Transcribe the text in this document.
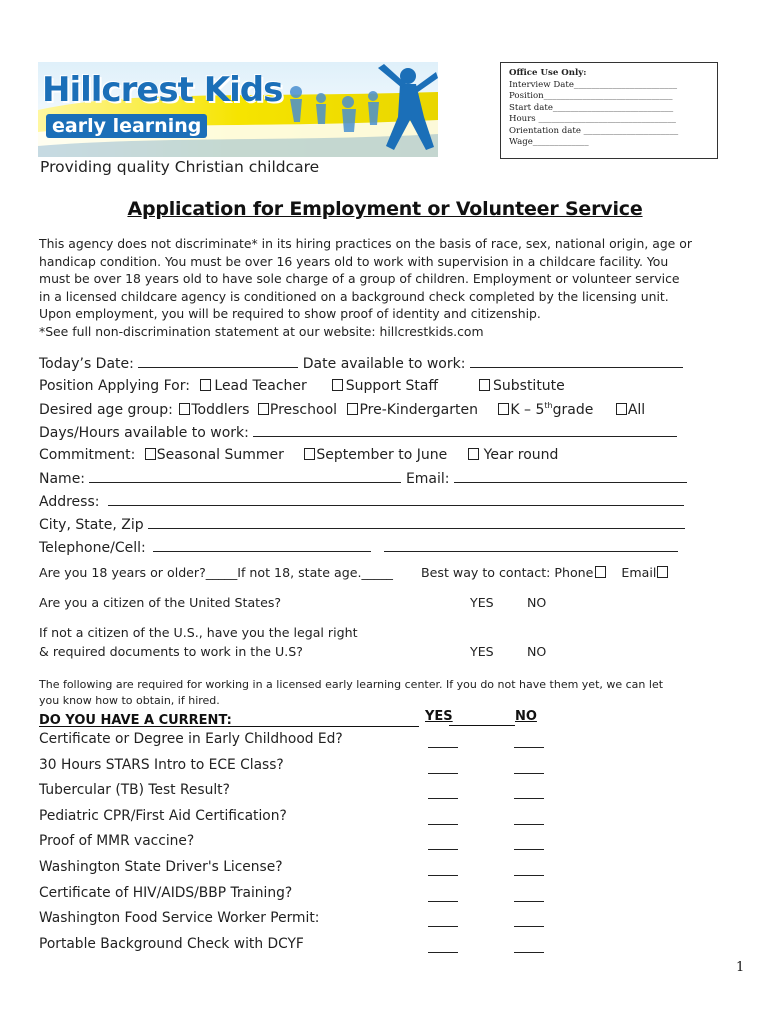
Hillcrest Kids
early learning
Providing quality Christian childcare
Office Use Only:
Interview Date________________________
Position______________________________
Start date____________________________
Hours ________________________________
Orientation date ______________________
Wage_____________
Application for Employment or Volunteer Service

This agency does not discriminate* in its hiring practices on the basis of race, sex, national origin, age or

handicap condition. You must be over 16 years old to work with supervision in a childcare facility. You

must be over 18 years old to have sole charge of a group of children. Employment or volunteer service

in a licensed childcare agency is conditioned on a background check completed by the licensing unit.

Upon employment, you will be required to show proof of identity and citizenship.

*See full non-discrimination statement at our website: hillcrestkids.com

Today’s Date:	Date available to work:
Position Applying For: Lead Teacher	Support Staff	Substitute
Desired age group: Toddlers Preschool Pre-Kindergarten K – 5thgrade All
Days/Hours available to work:
Commitment: Seasonal Summer September to June	Year round
Name:	Email:
Address:
City, State, Zip
Telephone/Cell:
Are you 18 years or older?_____If not 18, state age._____ Best way to contact: Phone Email
Are you a citizen of the United States?	YES	NO
If not a citizen of the U.S., have you the legal right
& required documents to work in the U.S?	YES	NO
The following are required for working in a licensed early learning center. If you do not have them yet, we can let
you know how to obtain, if hired.
DO YOU HAVE A CURRENT:	YES	NO
Certificate or Degree in Early Childhood Ed?
30 Hours STARS Intro to ECE Class?
Tubercular (TB) Test Result?
Pediatric CPR/First Aid Certification?
Proof of MMR vaccine?
Washington State Driver's License?
Certificate of HIV/AIDS/BBP Training?
Washington Food Service Worker Permit:
Portable Background Check with DCYF
1
